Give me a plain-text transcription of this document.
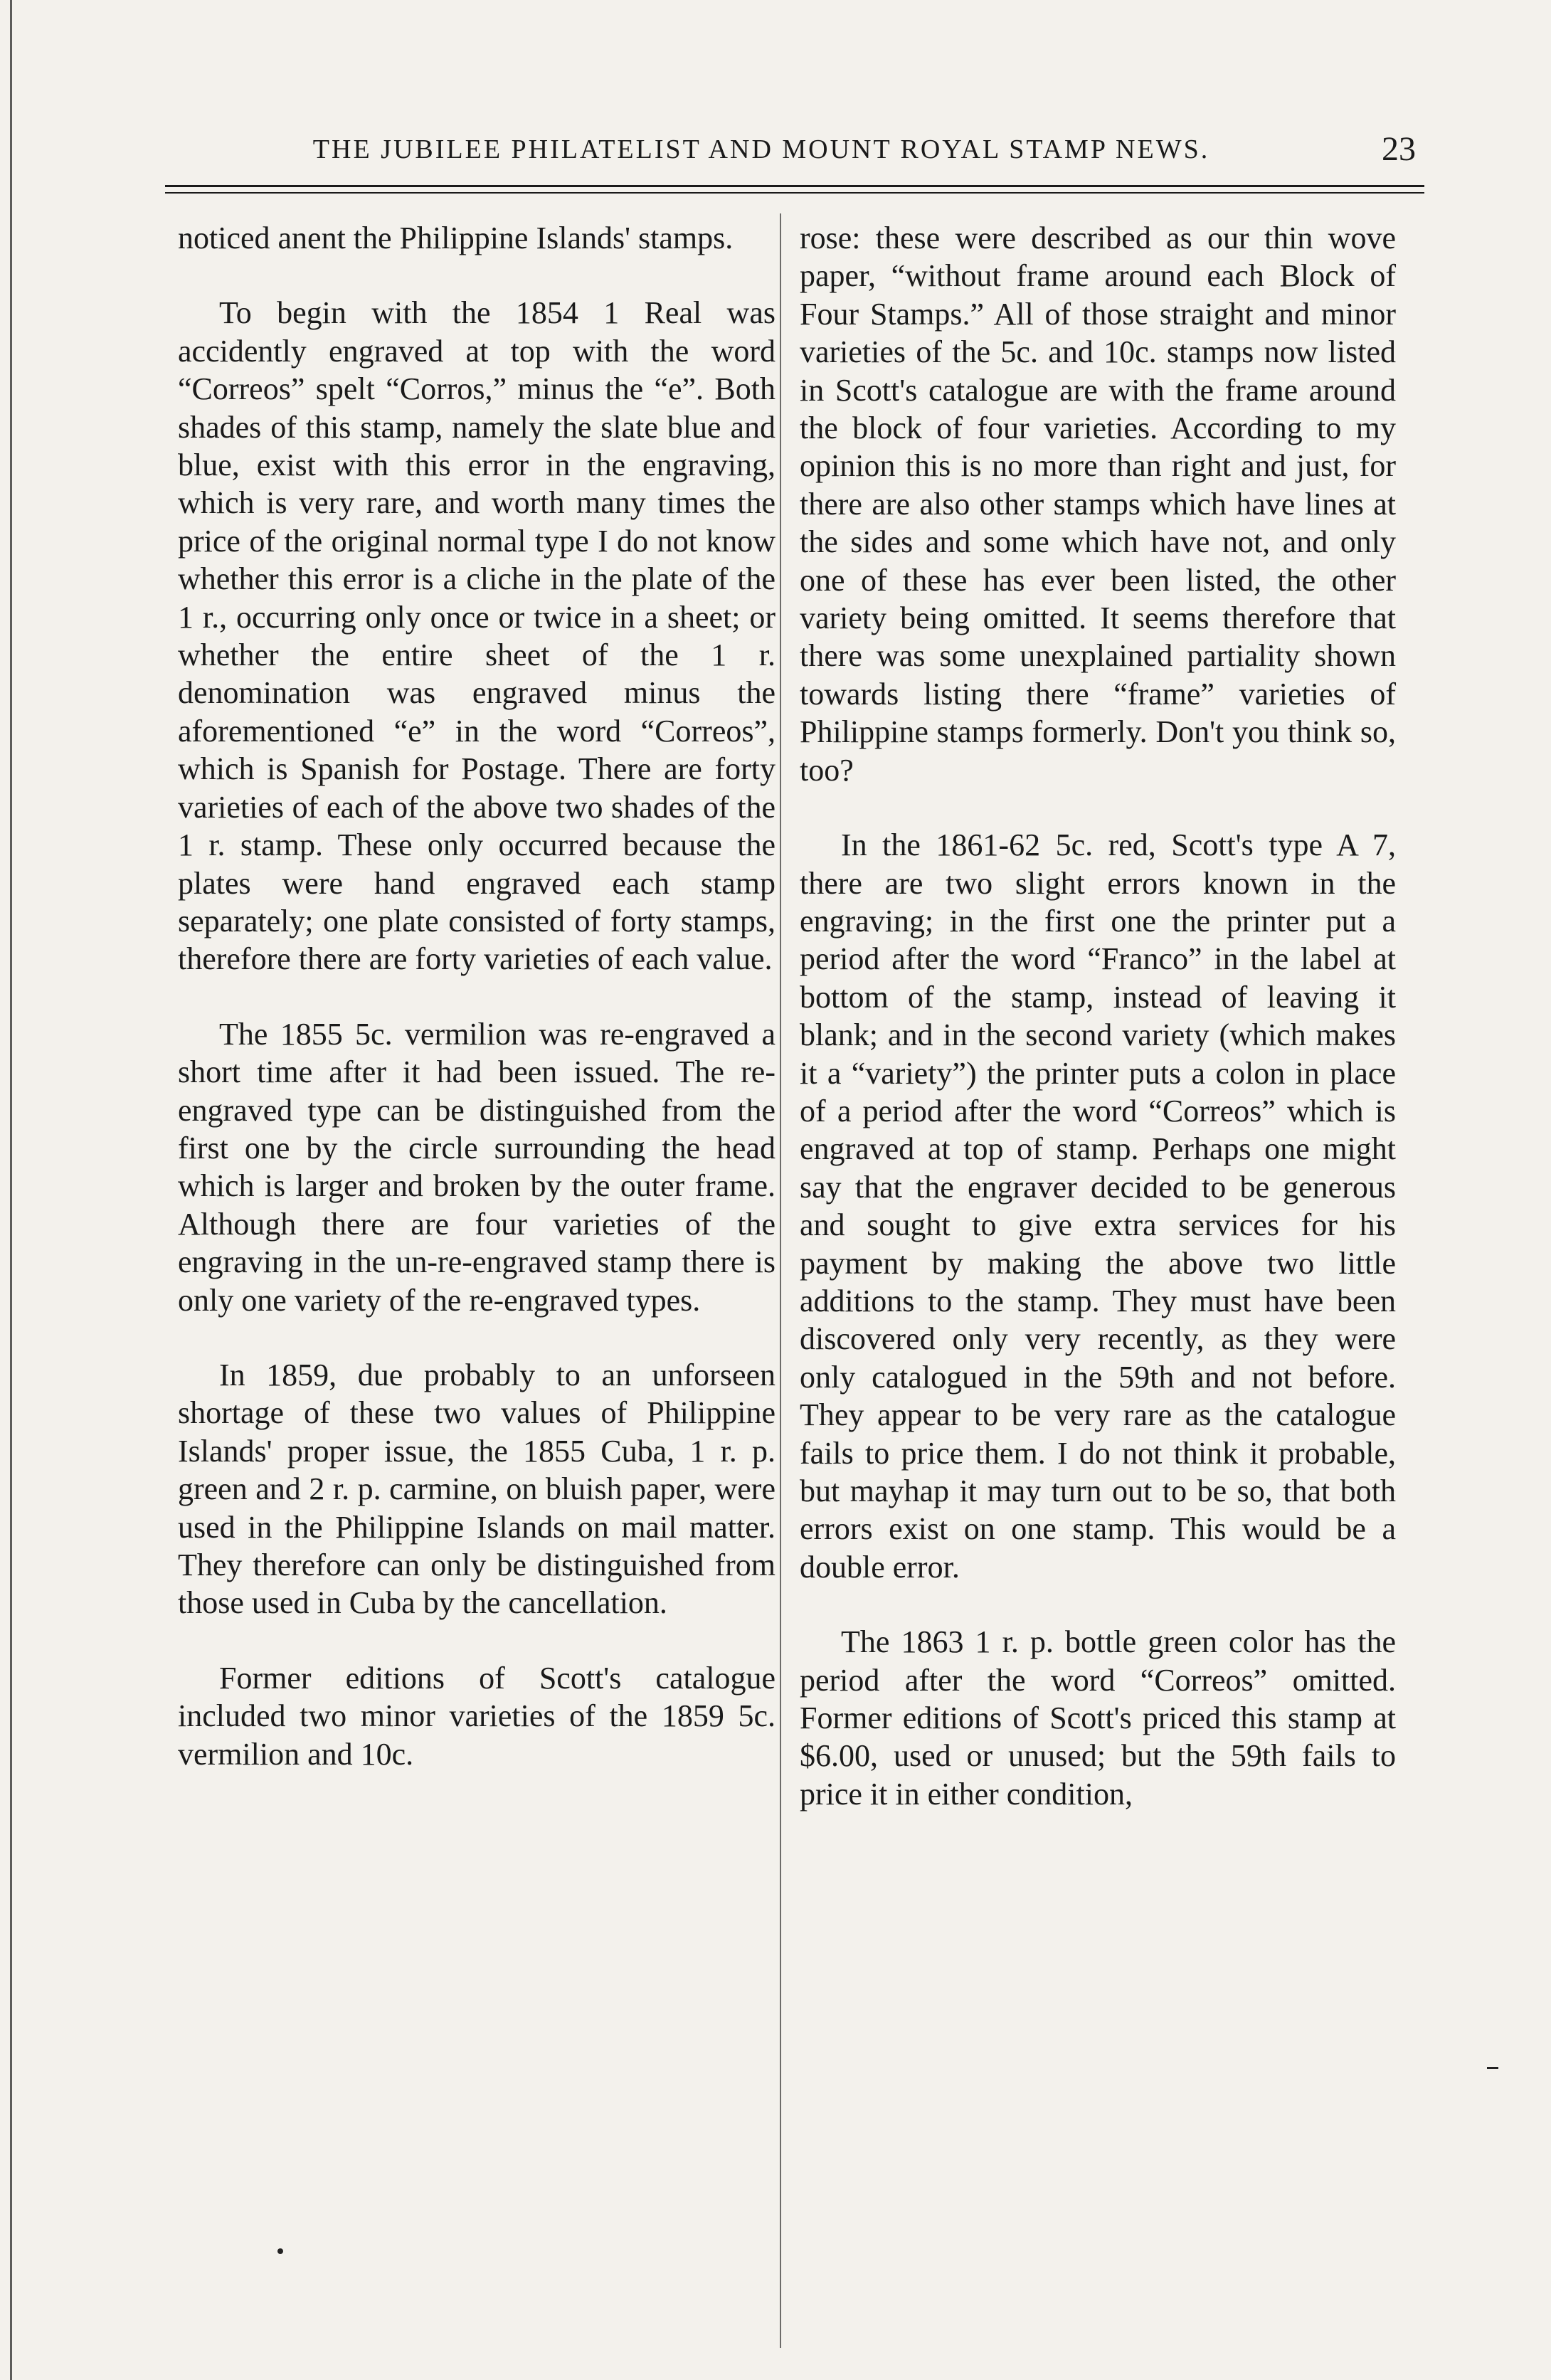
THE JUBILEE PHILATELIST AND MOUNT ROYAL STAMP NEWS.	23

noticed anent the Philippine Islands' stamps.

To begin with the 1854 1 Real was accidently engraved at top with the word “Correos” spelt “Corros,” minus the “e”. Both shades of this stamp, namely the slate blue and blue, exist with this error in the engraving, which is very rare, and worth many times the price of the original normal type I do not know whether this error is a cliche in the plate of the 1 r., occurring only once or twice in a sheet; or whether the entire sheet of the 1 r. denomination was engraved minus the aforementioned “e” in the word “Correos”, which is Spanish for Postage. There are forty varieties of each of the above two shades of the 1 r. stamp. These only occurred because the plates were hand engraved each stamp separately; one plate consisted of forty stamps, therefore there are forty varieties of each value.

The 1855 5c. vermilion was re-engraved a short time after it had been issued. The re-engraved type can be distinguished from the first one by the circle surrounding the head which is larger and broken by the outer frame. Although there are four varieties of the engraving in the un-re-engraved stamp there is only one variety of the re-engraved types.

In 1859, due probably to an unforseen shortage of these two values of Philippine Islands' proper issue, the 1855 Cuba, 1 r. p. green and 2 r. p. carmine, on bluish paper, were used in the Philippine Islands on mail matter. They therefore can only be distinguished from those used in Cuba by the cancellation.

Former editions of Scott's catalogue included two minor varieties of the 1859 5c. vermilion and 10c.

rose: these were described as our thin wove paper, “without frame around each Block of Four Stamps.” All of those straight and minor varieties of the 5c. and 10c. stamps now listed in Scott's catalogue are with the frame around the block of four varieties. According to my opinion this is no more than right and just, for there are also other stamps which have lines at the sides and some which have not, and only one of these has ever been listed, the other variety being omitted. It seems therefore that there was some unexplained partiality shown towards listing there “frame” varieties of Philippine stamps formerly. Don't you think so, too?

In the 1861-62 5c. red, Scott's type A 7, there are two slight errors known in the engraving; in the first one the printer put a period after the word “Franco” in the label at bottom of the stamp, instead of leaving it blank; and in the second variety (which makes it a “variety”) the printer puts a colon in place of a period after the word “Correos” which is engraved at top of stamp. Perhaps one might say that the engraver decided to be generous and sought to give extra services for his payment by making the above two little additions to the stamp. They must have been discovered only very recently, as they were only catalogued in the 59th and not before. They appear to be very rare as the catalogue fails to price them. I do not think it probable, but mayhap it may turn out to be so, that both errors exist on one stamp. This would be a double error.

The 1863 1 r. p. bottle green color has the period after the word “Correos” omitted. Former editions of Scott's priced this stamp at $6.00, used or unused; but the 59th fails to price it in either condition,
